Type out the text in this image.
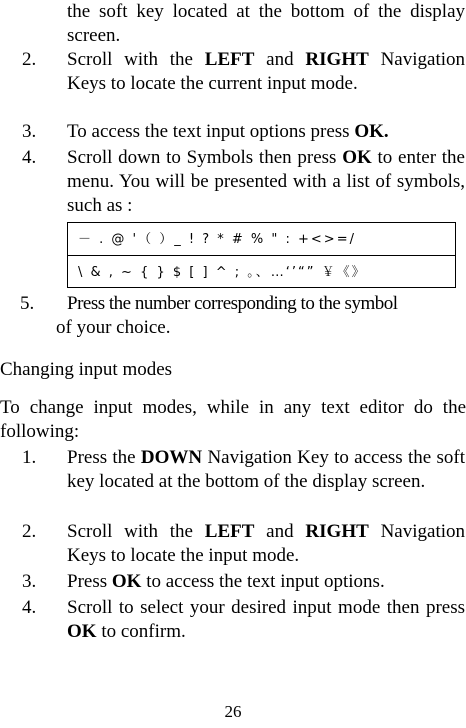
the soft key located at the bottom of the display screen.
2.	Scroll with the LEFT and RIGHT Navigation Keys to locate the current input mode.
3.	To access the text input options press OK.
4.	Scroll down to Symbols then press OK to enter the menu. You will be presented with a list of symbols, such as :
－ . @ '（ ）_ ! ? * # % " : +<>=/
\ & , ~ { } $ [ ] ^ ; 。、…‘’“” ￥《》
5.	Press the number corresponding to the symbol
of your choice.
Changing input modes
To change input modes, while in any text editor do the following:
1.	Press the DOWN Navigation Key to access the soft key located at the bottom of the display screen.
2.	Scroll with the LEFT and RIGHT Navigation Keys to locate the input mode.
3.	Press OK to access the text input options.
4.	Scroll to select your desired input mode then press OK to confirm.
26
